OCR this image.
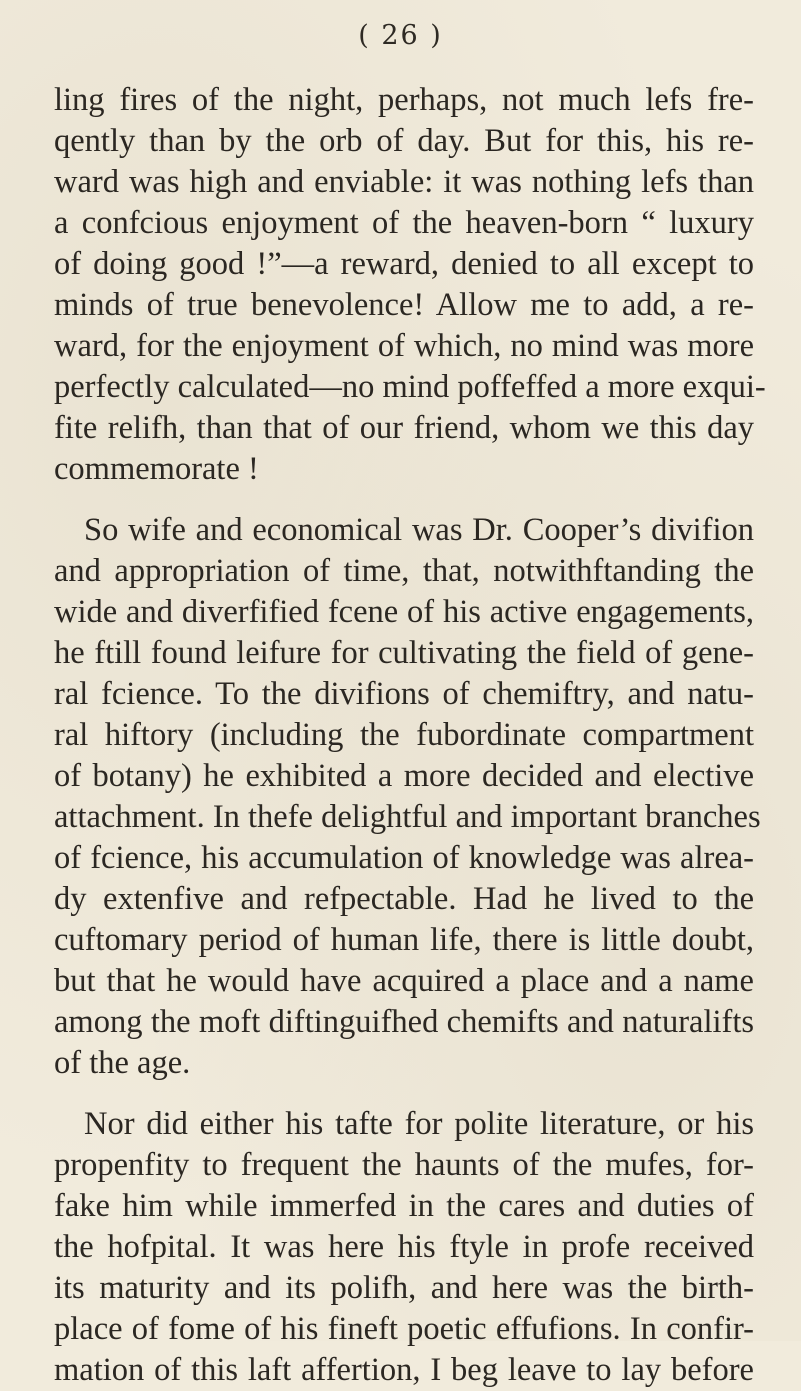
( 26 )
ling fires of the night, perhaps, not much lefs fre-
qently than by the orb of day. But for this, his re-
ward was high and enviable: it was nothing lefs than
a confcious enjoyment of the heaven-born “ luxury
of doing good !”—a reward, denied to all except to
minds of true benevolence! Allow me to add, a re-
ward, for the enjoyment of which, no mind was more
perfectly calculated—no mind poffeffed a more exqui-
fite relifh, than that of our friend, whom we this day
commemorate !
So wife and economical was Dr. Cooper’s divifion
and appropriation of time, that, notwithftanding the
wide and diverfified fcene of his active engagements,
he ftill found leifure for cultivating the field of gene-
ral fcience. To the divifions of chemiftry, and natu-
ral hiftory (including the fubordinate compartment
of botany) he exhibited a more decided and elective
attachment. In thefe delightful and important branches
of fcience, his accumulation of knowledge was alrea-
dy extenfive and refpectable. Had he lived to the
cuftomary period of human life, there is little doubt,
but that he would have acquired a place and a name
among the moft diftinguifhed chemifts and naturalifts
of the age.
Nor did either his tafte for polite literature, or his
propenfity to frequent the haunts of the mufes, for-
fake him while immerfed in the cares and duties of
the hofpital. It was here his ftyle in profe received
its maturity and its polifh, and here was the birth-
place of fome of his fineft poetic effufions. In confir-
mation of this laft affertion, I beg leave to lay before
